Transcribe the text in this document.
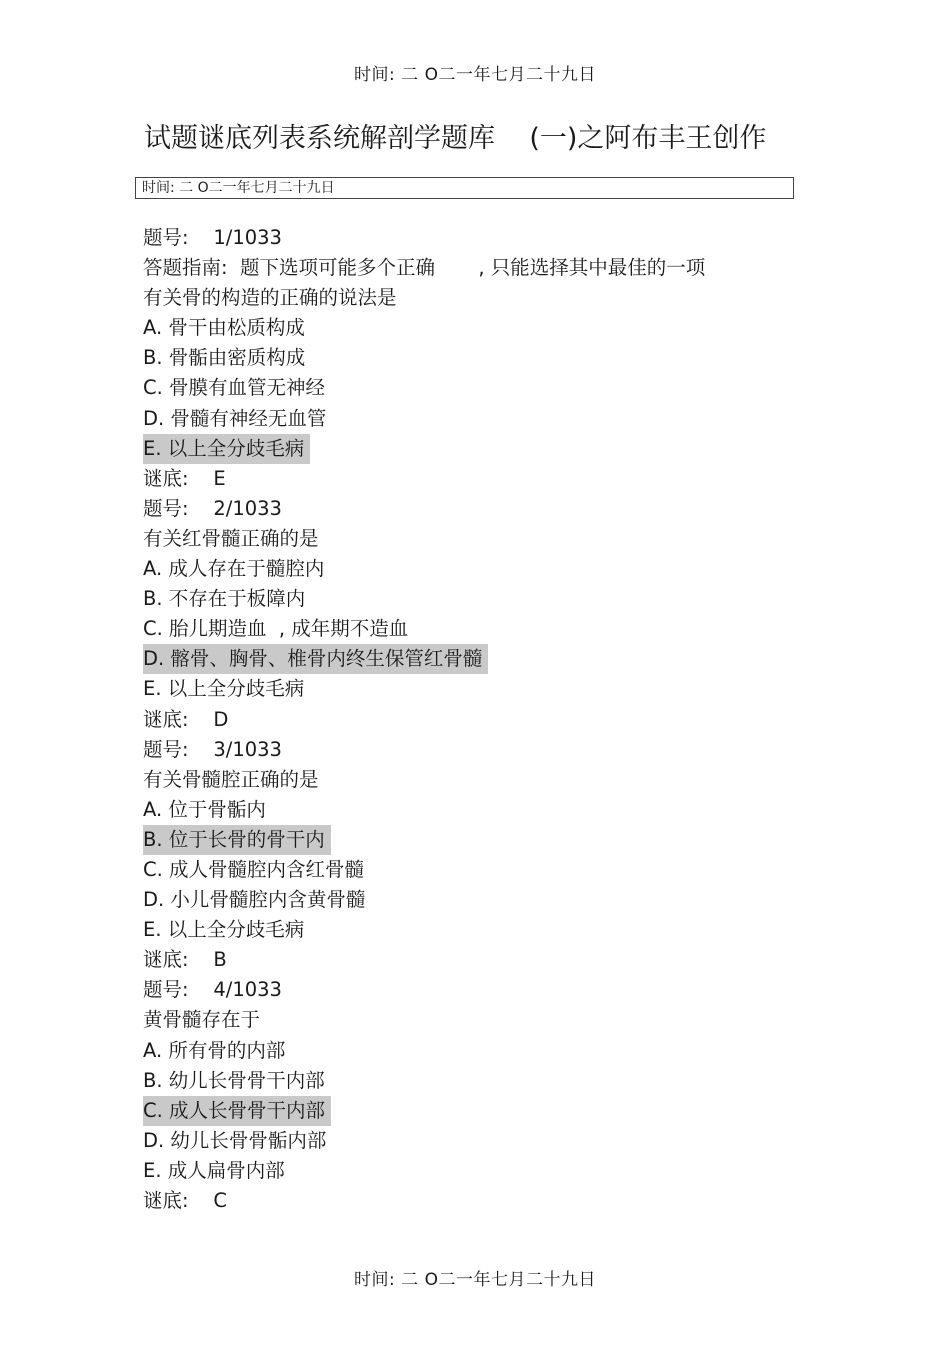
时间: 二 O二一年七月二十九日
试题谜底列表系统解剖学题库    (一)之阿布丰王创作
时间: 二 O二一年七月二十九日
题号:    1/1033
答题指南:  题下选项可能多个正确       , 只能选择其中最佳的一项
有关骨的构造的正确的说法是
A. 骨干由松质构成
B. 骨骺由密质构成
C. 骨膜有血管无神经
D. 骨髓有神经无血管
E. 以上全分歧毛病
谜底:    E
题号:    2/1033
有关红骨髓正确的是
A. 成人存在于髓腔内
B. 不存在于板障内
C. 胎儿期造血  , 成年期不造血
D. 髂骨、胸骨、椎骨内终生保管红骨髓
E. 以上全分歧毛病
谜底:    D
题号:    3/1033
有关骨髓腔正确的是
A. 位于骨骺内
B. 位于长骨的骨干内
C. 成人骨髓腔内含红骨髓
D. 小儿骨髓腔内含黄骨髓
E. 以上全分歧毛病
谜底:    B
题号:    4/1033
黄骨髓存在于
A. 所有骨的内部
B. 幼儿长骨骨干内部
C. 成人长骨骨干内部
D. 幼儿长骨骨骺内部
E. 成人扁骨内部
谜底:    C
时间: 二 O二一年七月二十九日
